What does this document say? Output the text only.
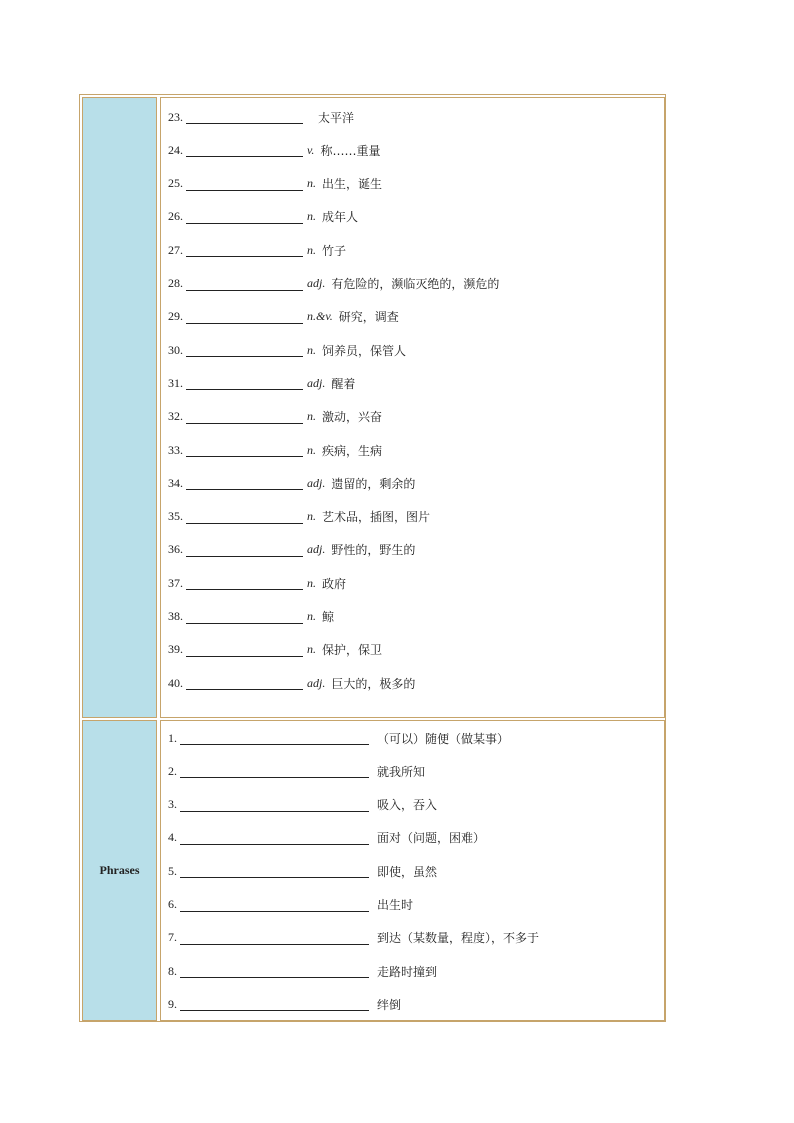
23.	太平洋
24.	v. 称……重量
25.	n. 出生，诞生
26.	n. 成年人
27.	n. 竹子
28.	adj. 有危险的，濒临灭绝的，濒危的
29.	n.&v. 研究，调查
30.	n. 饲养员，保管人
31.	adj. 醒着
32.	n. 激动，兴奋
33.	n. 疾病，生病
34.	adj. 遗留的，剩余的
35.	n. 艺术品，插图，图片
36.	adj. 野性的，野生的
37.	n. 政府
38.	n. 鲸
39.	n. 保护，保卫
40.	adj. 巨大的，极多的
Phrases
1.	（可以）随便（做某事）
2.	就我所知
3.	吸入，吞入
4.	面对（问题，困难）
5.	即使，虽然
6.	出生时
7.	到达（某数量，程度），不多于
8.	走路时撞到
9.	绊倒
